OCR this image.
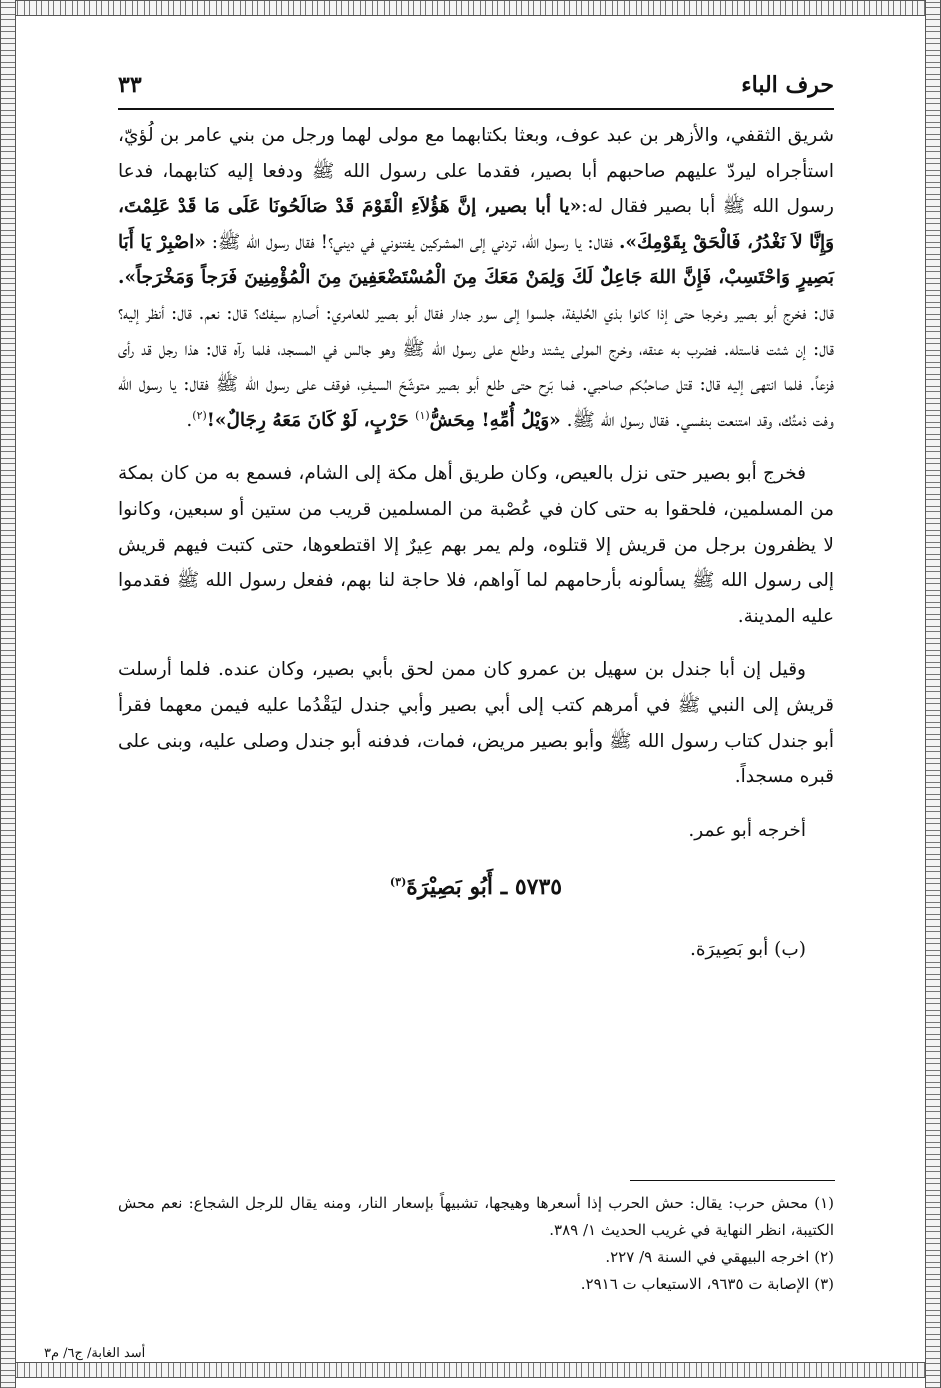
حرف الباء
٣٣

شريق الثقفي، والأزهر بن عبد عوف، وبعثا بكتابهما مع مولى لهما ورجل من بني عامر بن لُؤيّ، استأجراه ليردّ عليهم صاحبهم أبا بصير، فقدما على رسول الله ﷺ ودفعا إليه كتابهما، فدعا رسول الله ﷺ أبا بصير فقال له:«يا أبا بصير، إنَّ هَؤُلاَءِ الْقَوْمَ قَدْ صَالَحُونَا عَلَى مَا قَدْ عَلِمْتَ، وَإِنَّا لاَ نَغْدُرُ، فَالْحَقْ بِقَوْمِكَ». فقال: يا رسول الله، تردني إلى المشركين يفتنوني في ديني؟! فقال رسول الله ﷺ: «اصْبِرْ يَا أَبَا بَصِيرٍ وَاحْتَسِبْ، فَإِنَّ اللهَ جَاعِلٌ لَكَ وَلِمَنْ مَعَكَ مِنَ الْمُسْتَضْعَفِينَ مِنَ الْمُؤْمِنِينَ فَرَجاً وَمَخْرَجاً». قال: فخرج أبو بصير وخرجا حتى إذا كانوا بذي الحُليفة، جلسوا إلى سور جدار فقال أبو بصير للعامري: أصارم سيفك؟ قال: نعم. قال: أنظر إليه؟ قال: إن شئت فاستله. فضرب به عنقه، وخرج المولى يشتد وطلع على رسول الله ﷺ وهو جالس في المسجد، فلما رآه قال: هذا رجل قد رأى فزعاً. فلما انتهى إليه قال: قتل صاحبُكم صاحبي. فما بَرِح حتى طلع أبو بصير متوشّحَ السيفِ، فوقف على رسول الله ﷺ فقال: يا رسول الله وفت ذمتُك، وقد امتنعت بنفسي. فقال رسول الله ﷺ. «وَيْلُ أُمِّهِ! مِحَشُّ$^{(١)}$ حَرْبٍ، لَوْ كَانَ مَعَهُ رِجَالٌ»!$^{(٢)}$.

فخرج أبو بصير حتى نزل بالعيص، وكان طريق أهل مكة إلى الشام، فسمع به من كان بمكة من المسلمين، فلحقوا به حتى كان في عُصْبة من المسلمين قريب من ستين أو سبعين، وكانوا لا يظفرون برجل من قريش إلا قتلوه، ولم يمر بهم عِيرٌ إلا اقتطعوها، حتى كتبت فيهم قريش إلى رسول الله ﷺ يسألونه بأرحامهم لما آواهم، فلا حاجة لنا بهم، ففعل رسول الله ﷺ فقدموا عليه المدينة.

وقيل إن أبا جندل بن سهيل بن عمرو كان ممن لحق بأبي بصير، وكان عنده. فلما أرسلت قريش إلى النبي ﷺ في أمرهم كتب إلى أبي بصير وأبي جندل ليَقْدُما عليه فيمن معهما فقرأ أبو جندل كتاب رسول الله ﷺ وأبو بصير مريض، فمات، فدفنه أبو جندل وصلى عليه، وبنى على قبره مسجداً.

أخرجه أبو عمر.

٥٧٣٥ ـ أَبُو بَصِيْرَةَ$^{(٣)}$

(ب) أبو بَصِيرَة.

(١) محش حرب: يقال: حش الحرب إذا أسعرها وهيجها، تشبيهاً بإسعار النار، ومنه يقال للرجل الشجاع: نعم محش الكتيبة، انظر النهاية في غريب الحديث ١/ ٣٨٩.

(٢) اخرجه البيهقي في السنة ٩/ ٢٢٧.

(٣) الإصابة ت ٩٦٣٥، الاستيعاب ت ٢٩١٦.

أسد الغابة/ ج٦/ م٣
